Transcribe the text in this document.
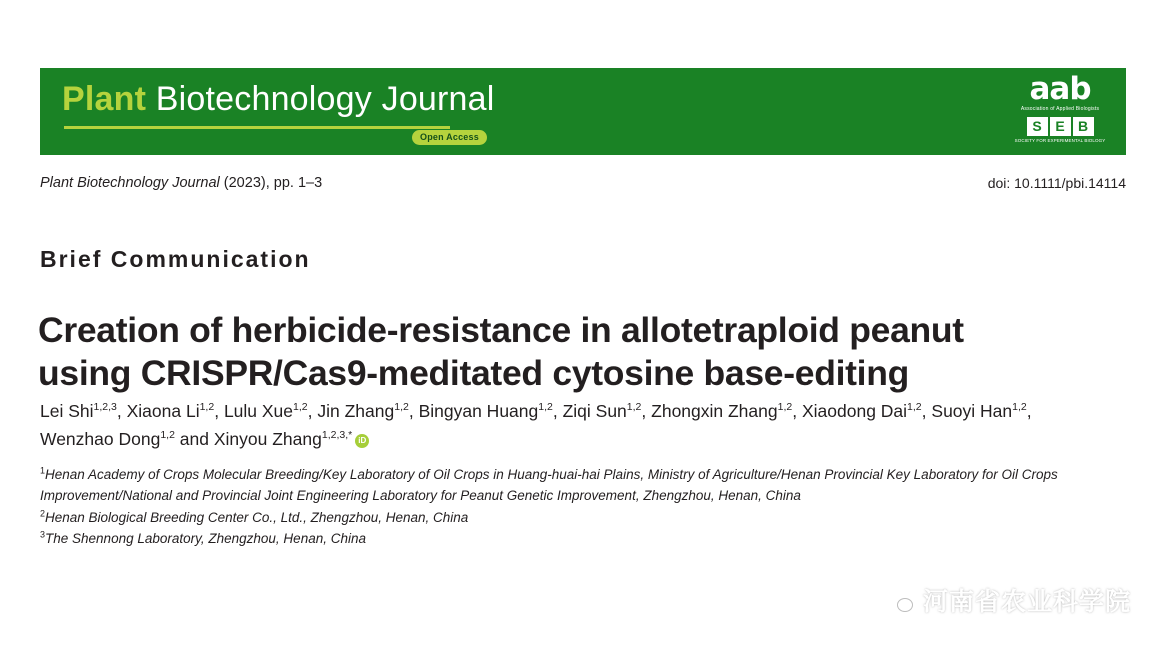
Plant Biotechnology Journal
Open Access
aab
Association of Applied Biologists
S E B
SOCIETY FOR EXPERIMENTAL BIOLOGY
Plant Biotechnology Journal (2023), pp. 1–3	doi: 10.1111/pbi.14114
Brief Communication
Creation of herbicide-resistance in allotetraploid peanut
using CRISPR/Cas9-meditated cytosine base-editing
Lei Shi$^{1,2,3}$, Xiaona Li$^{1,2}$, Lulu Xue$^{1,2}$, Jin Zhang$^{1,2}$, Bingyan Huang$^{1,2}$, Ziqi Sun$^{1,2}$, Zhongxin Zhang$^{1,2}$, Xiaodong Dai$^{1,2}$, Suoyi Han$^{1,2}$, Wenzhao Dong$^{1,2}$ and Xinyou Zhang$^{1,2,3,*}$ iD
$^1$Henan Academy of Crops Molecular Breeding/Key Laboratory of Oil Crops in Huang-huai-hai Plains, Ministry of Agriculture/Henan Provincial Key Laboratory for Oil Crops Improvement/National and Provincial Joint Engineering Laboratory for Peanut Genetic Improvement, Zhengzhou, Henan, China
$^2$Henan Biological Breeding Center Co., Ltd., Zhengzhou, Henan, China
$^3$The Shennong Laboratory, Zhengzhou, Henan, China
河南省农业科学院
